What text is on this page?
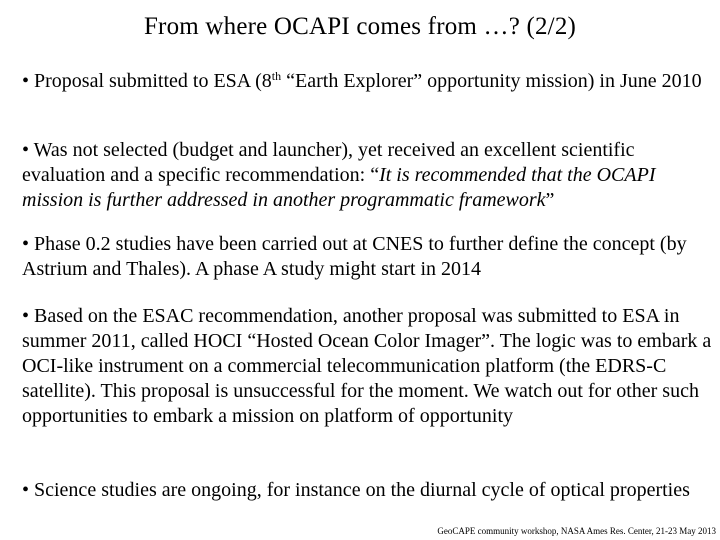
From where OCAPI comes from …? (2/2)
• Proposal submitted to ESA (8th “Earth Explorer” opportunity mission) in June 2010
• Was not selected (budget and launcher), yet received an excellent scientific evaluation and a specific recommendation: “It is recommended that the OCAPI mission is further addressed in another programmatic framework”
• Phase 0.2 studies have been carried out at CNES to further define the concept (by Astrium and Thales). A phase A study might start in 2014
• Based on the ESAC recommendation, another proposal was submitted to ESA in summer 2011, called HOCI “Hosted Ocean Color Imager”. The logic was to embark a OCI-like instrument on a commercial telecommunication platform (the EDRS-C satellite). This proposal is unsuccessful for the moment. We watch out for other such opportunities to embark a mission on platform of opportunity
• Science studies are ongoing, for instance on the diurnal cycle of optical properties
GeoCAPE community workshop, NASA Ames Res. Center, 21-23 May 2013
